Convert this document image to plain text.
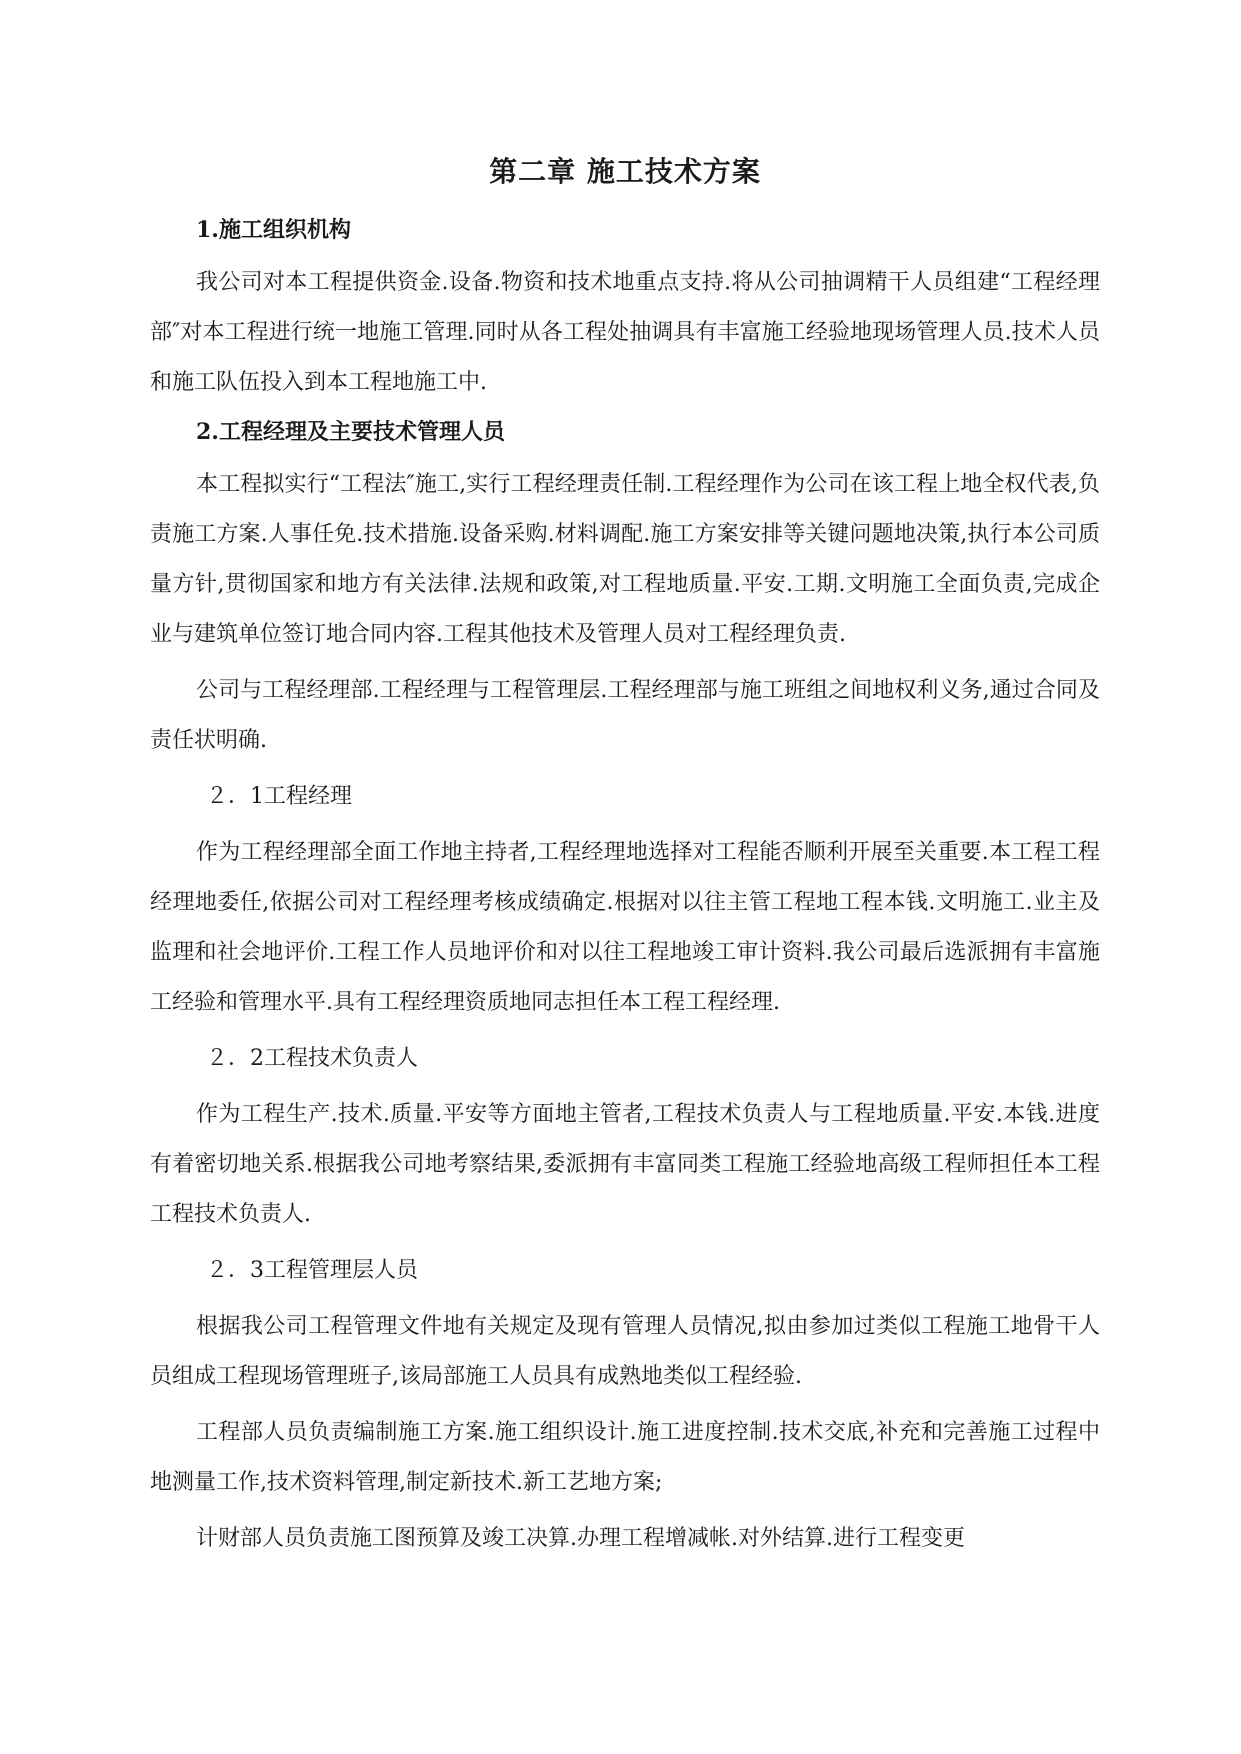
第二章 施工技术方案
1.施工组织机构

我公司对本工程提供资金.设备.物资和技术地重点支持.将从公司抽调精干人员组建“工程经理部″对本工程进行统一地施工管理.同时从各工程处抽调具有丰富施工经验地现场管理人员.技术人员和施工队伍投入到本工程地施工中.

2.工程经理及主要技术管理人员

本工程拟实行“工程法″施工,实行工程经理责任制.工程经理作为公司在该工程上地全权代表,负责施工方案.人事任免.技术措施.设备采购.材料调配.施工方案安排等关键问题地决策,执行本公司质量方针,贯彻国家和地方有关法律.法规和政策,对工程地质量.平安.工期.文明施工全面负责,完成企业与建筑单位签订地合同内容.工程其他技术及管理人员对工程经理负责.

公司与工程经理部.工程经理与工程管理层.工程经理部与施工班组之间地权利义务,通过合同及责任状明确.

２．1工程经理

作为工程经理部全面工作地主持者,工程经理地选择对工程能否顺利开展至关重要.本工程工程经理地委任,依据公司对工程经理考核成绩确定.根据对以往主管工程地工程本钱.文明施工.业主及监理和社会地评价.工程工作人员地评价和对以往工程地竣工审计资料.我公司最后选派拥有丰富施工经验和管理水平.具有工程经理资质地同志担任本工程工程经理.

２．2工程技术负责人

作为工程生产.技术.质量.平安等方面地主管者,工程技术负责人与工程地质量.平安.本钱.进度有着密切地关系.根据我公司地考察结果,委派拥有丰富同类工程施工经验地高级工程师担任本工程工程技术负责人.

２．3工程管理层人员

根据我公司工程管理文件地有关规定及现有管理人员情况,拟由参加过类似工程施工地骨干人员组成工程现场管理班子,该局部施工人员具有成熟地类似工程经验.

工程部人员负责编制施工方案.施工组织设计.施工进度控制.技术交底,补充和完善施工过程中地测量工作,技术资料管理,制定新技术.新工艺地方案;

计财部人员负责施工图预算及竣工决算.办理工程增减帐.对外结算.进行工程变更
